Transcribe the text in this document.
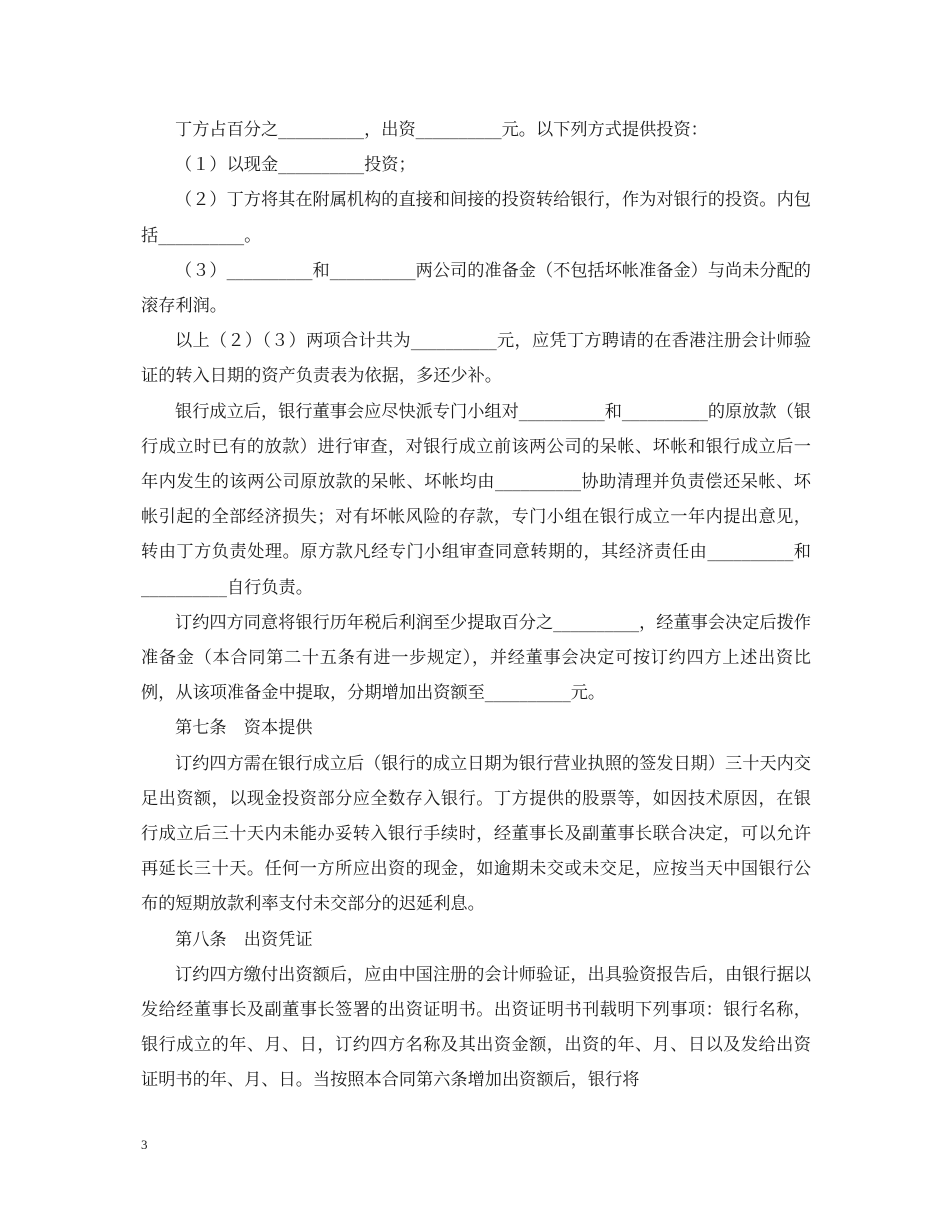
丁方占百分之__________，出资__________元。以下列方式提供投资：

（１）以现金__________投资；

（２）丁方将其在附属机构的直接和间接的投资转给银行，作为对银行的投资。内包括__________。

（３）__________和__________两公司的准备金（不包括坏帐准备金）与尚未分配的滚存利润。

以上（２）（３）两项合计共为__________元，应凭丁方聘请的在香港注册会计师验证的转入日期的资产负责表为依据，多还少补。

银行成立后，银行董事会应尽快派专门小组对__________和__________的原放款（银行成立时已有的放款）进行审查，对银行成立前该两公司的呆帐、坏帐和银行成立后一年内发生的该两公司原放款的呆帐、坏帐均由__________协助清理并负责偿还呆帐、坏帐引起的全部经济损失；对有坏帐风险的存款，专门小组在银行成立一年内提出意见，转由丁方负责处理。原方款凡经专门小组审查同意转期的，其经济责任由__________和__________自行负责。

订约四方同意将银行历年税后利润至少提取百分之__________，经董事会决定后拨作准备金（本合同第二十五条有进一步规定），并经董事会决定可按订约四方上述出资比例，从该项准备金中提取，分期增加出资额至__________元。

第七条　资本提供

订约四方需在银行成立后（银行的成立日期为银行营业执照的签发日期）三十天内交足出资额，以现金投资部分应全数存入银行。丁方提供的股票等，如因技术原因，在银行成立后三十天内未能办妥转入银行手续时，经董事长及副董事长联合决定，可以允许再延长三十天。任何一方所应出资的现金，如逾期未交或未交足，应按当天中国银行公布的短期放款利率支付未交部分的迟延利息。

第八条　出资凭证

订约四方缴付出资额后，应由中国注册的会计师验证，出具验资报告后，由银行据以发给经董事长及副董事长签署的出资证明书。出资证明书刊载明下列事项：银行名称，银行成立的年、月、日，订约四方名称及其出资金额，出资的年、月、日以及发给出资证明书的年、月、日。当按照本合同第六条增加出资额后，银行将

3
